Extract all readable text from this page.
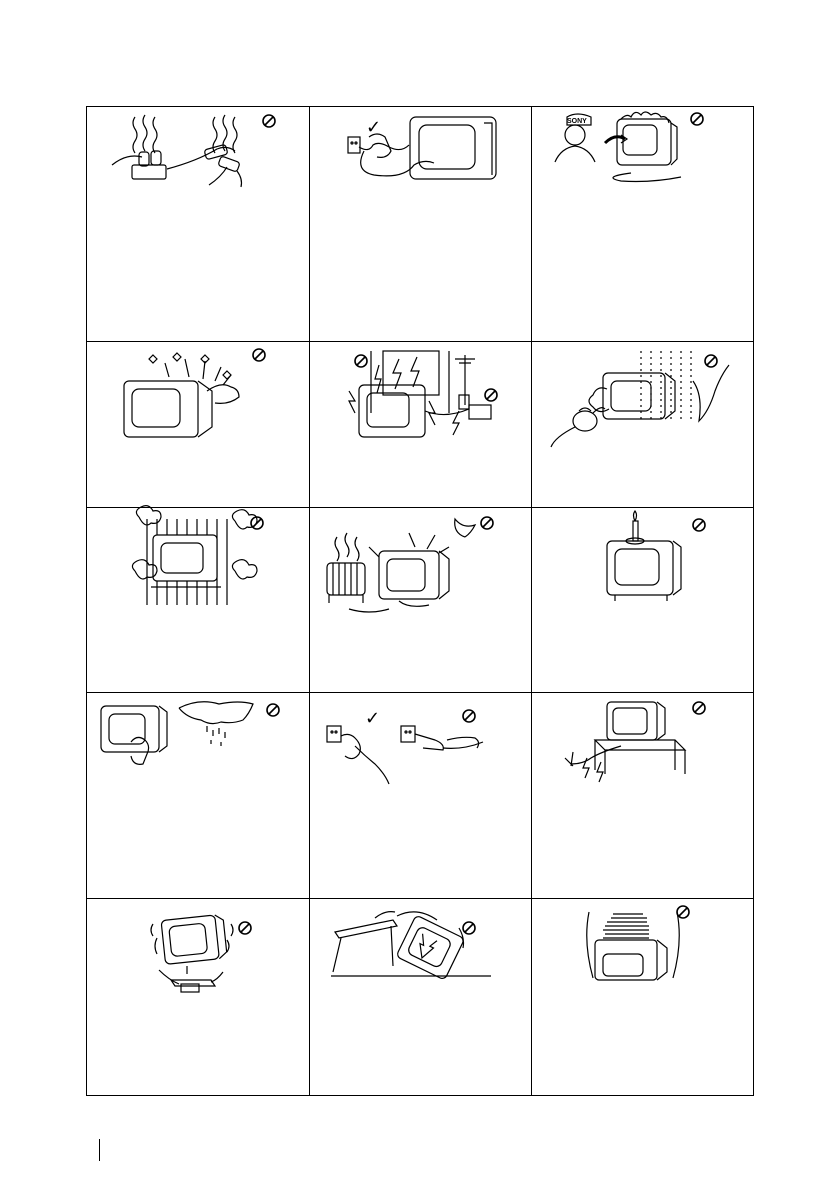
✓	SONY
✓
